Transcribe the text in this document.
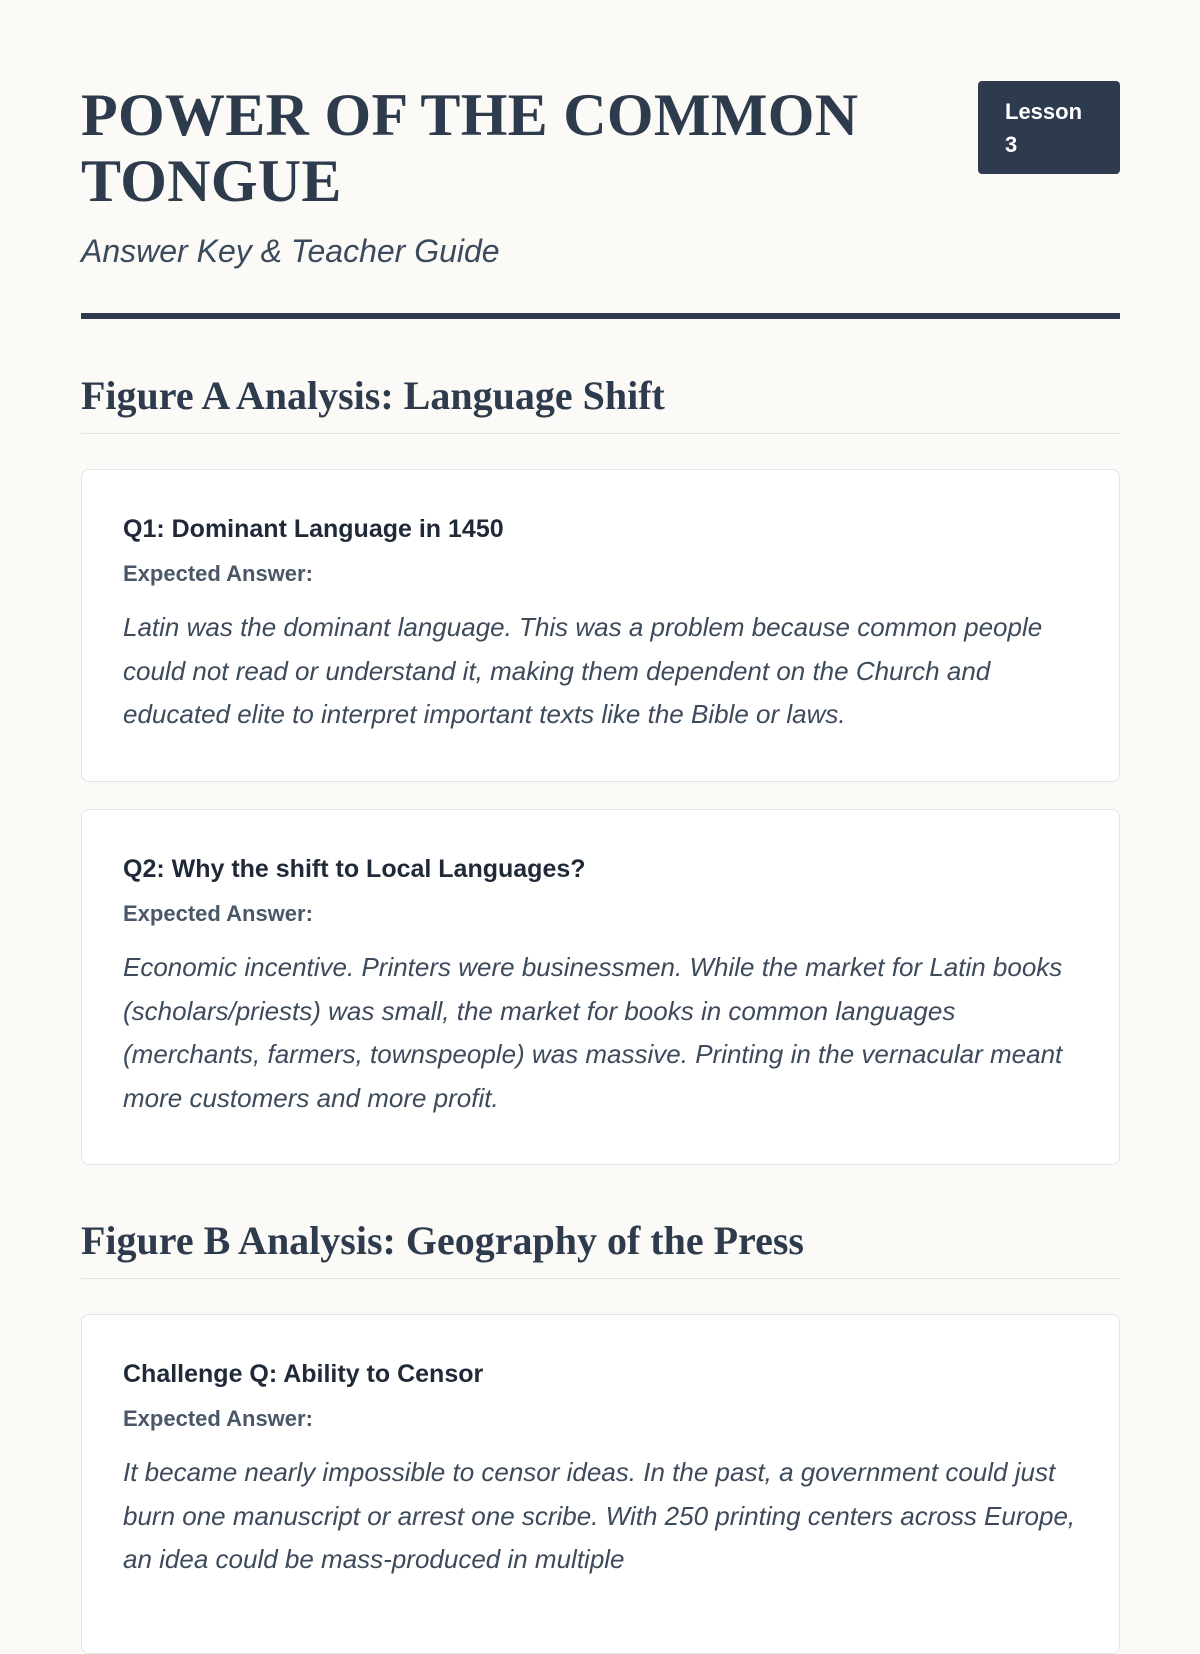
POWER OF THE COMMON TONGUE

Answer Key & Teacher Guide

Lesson 3
Figure A Analysis: Language Shift
Q1: Dominant Language in 1450
Expected Answer:

Latin was the dominant language. This was a problem because common people could not read or understand it, making them dependent on the Church and educated elite to interpret important texts like the Bible or laws.

Q2: Why the shift to Local Languages?
Expected Answer:

Economic incentive. Printers were businessmen. While the market for Latin books (scholars/priests) was small, the market for books in common languages (merchants, farmers, townspeople) was massive. Printing in the vernacular meant more customers and more profit.

Figure B Analysis: Geography of the Press
Challenge Q: Ability to Censor
Expected Answer:

It became nearly impossible to censor ideas. In the past, a government could just burn one manuscript or arrest one scribe. With 250 printing centers across Europe, an idea could be mass-produced in multiple
